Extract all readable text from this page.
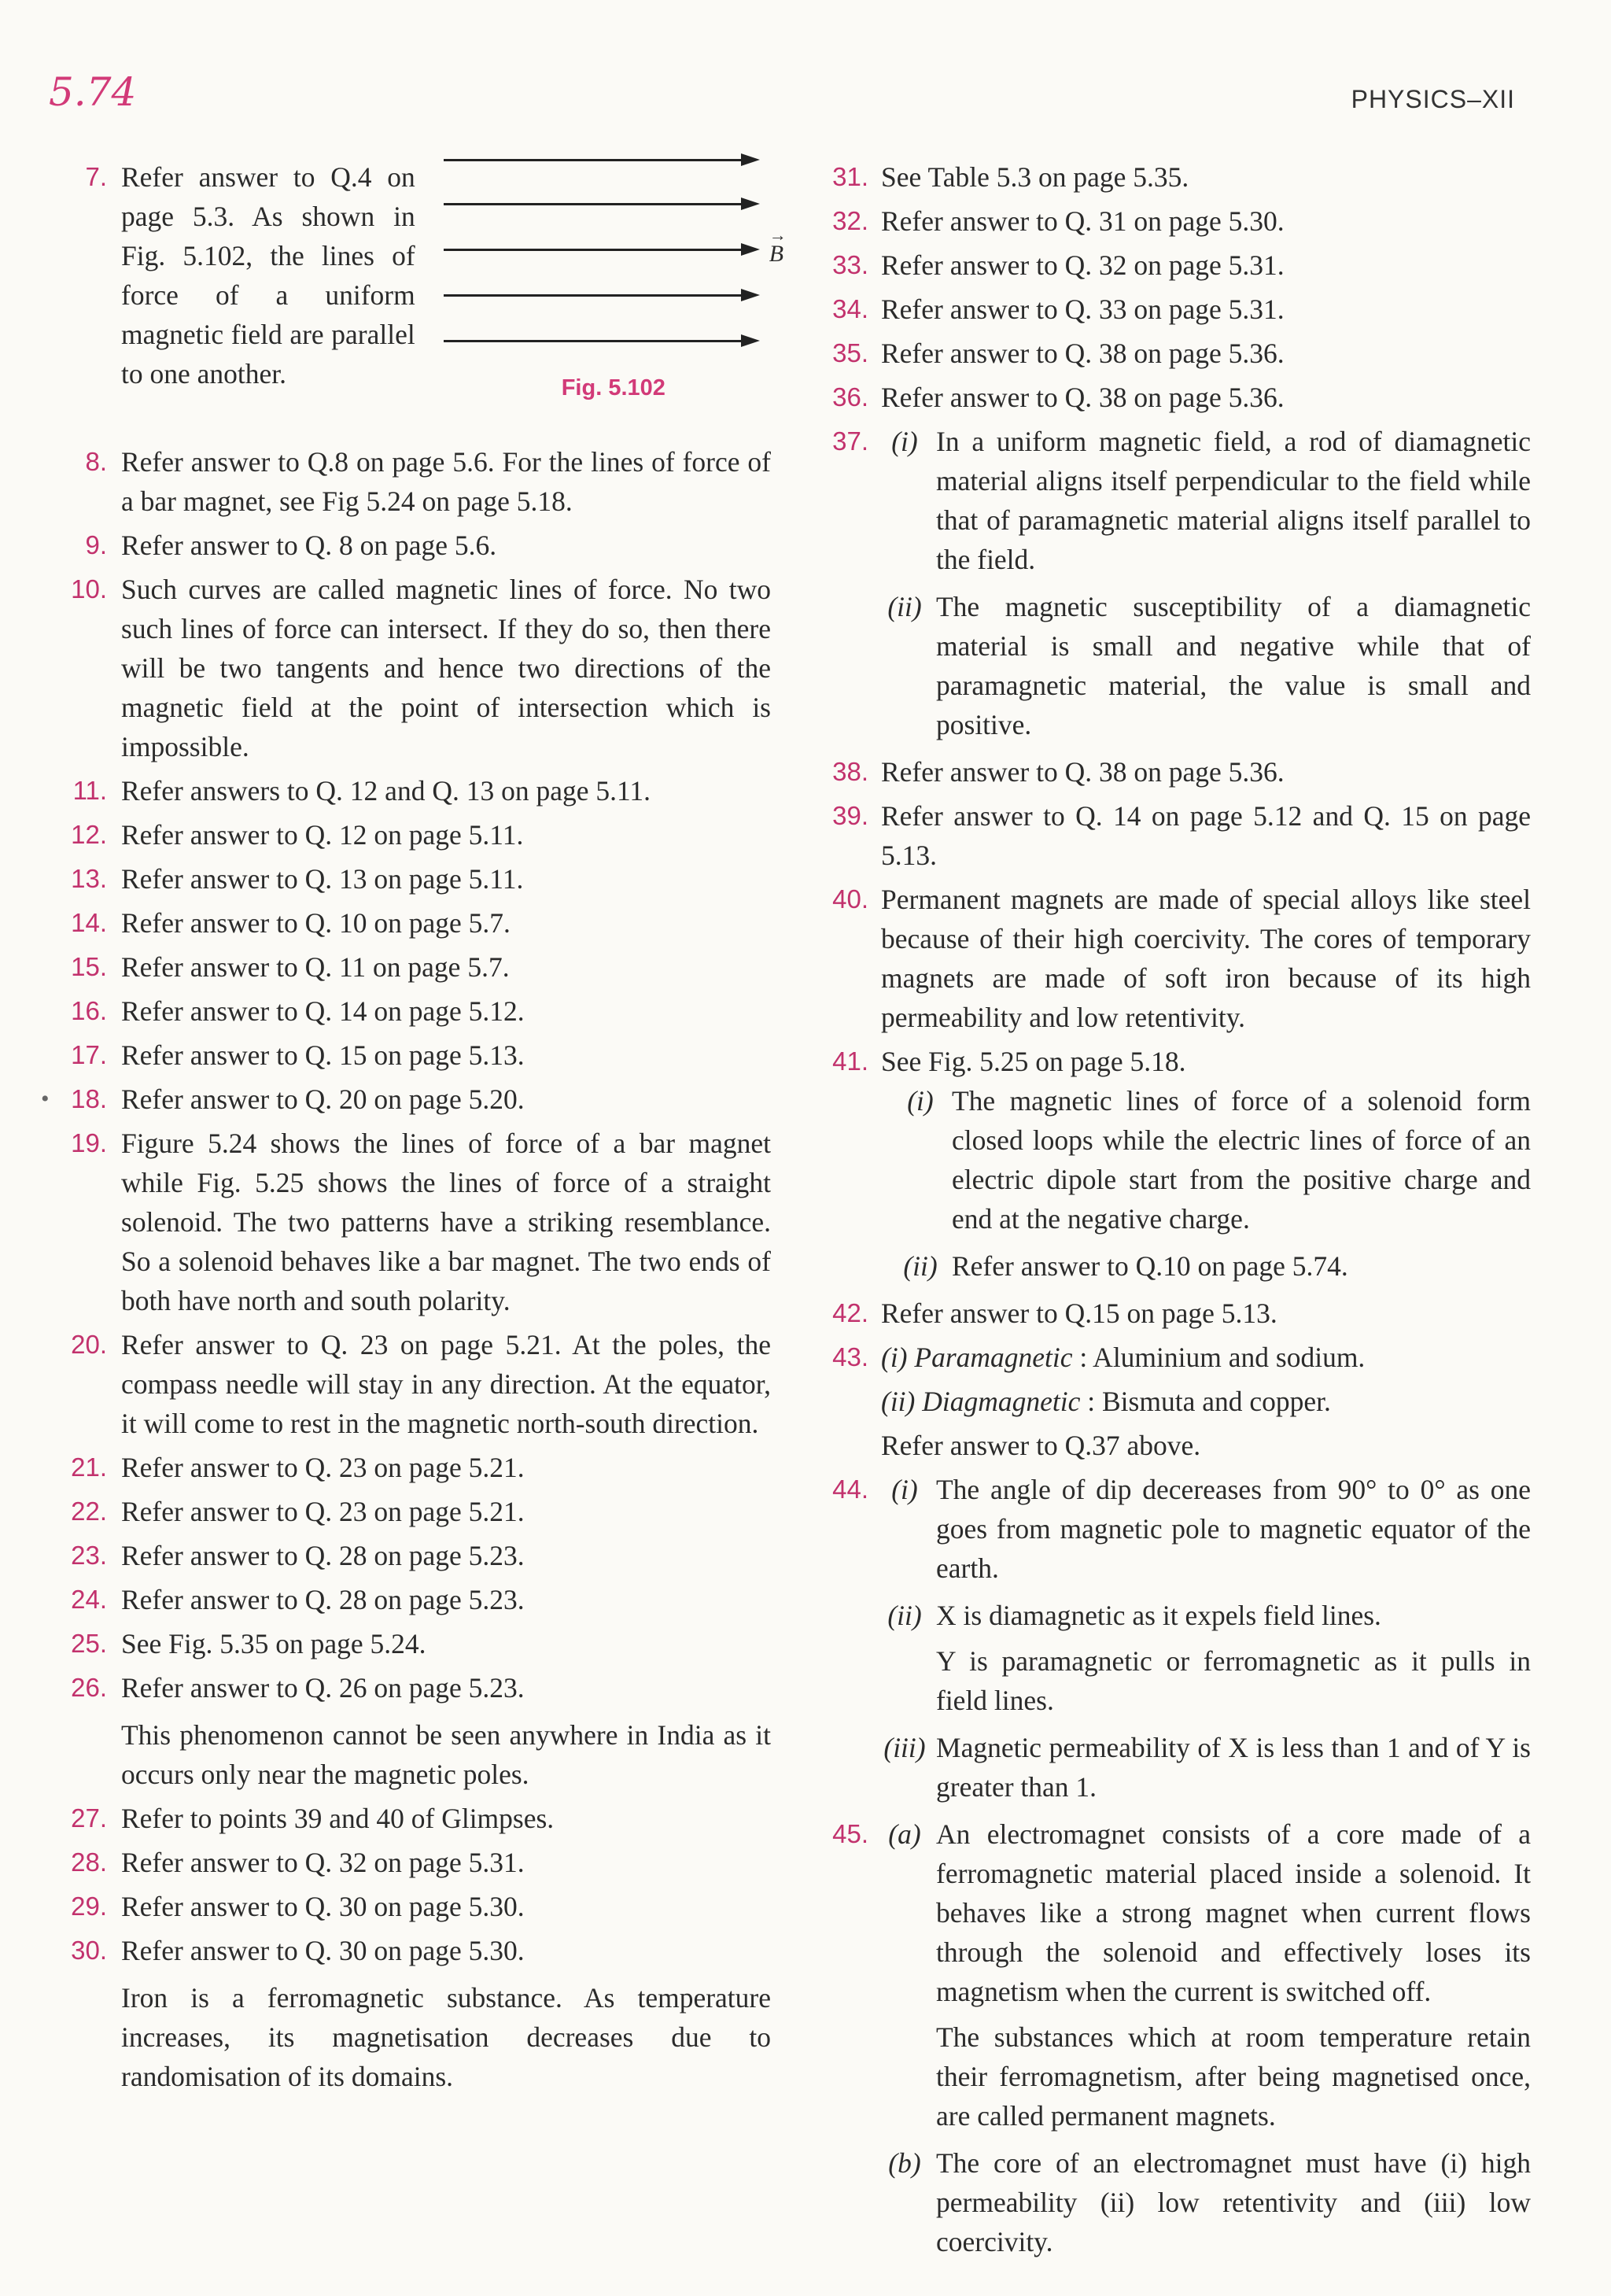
5.74	PHYSICS–XII
7. Refer answer to Q.4 on page 5.3. As shown in Fig. 5.102, the lines of force of a uniform magnetic field are parallel to one another.

→ B
Fig. 5.102
8. Refer answer to Q.8 on page 5.6. For the lines of force of a bar magnet, see Fig 5.24 on page 5.18.

9. Refer answer to Q. 8 on page 5.6.

10. Such curves are called magnetic lines of force. No two such lines of force can intersect. If they do so, then there will be two tangents and hence two directions of the magnetic field at the point of intersection which is impossible.

11. Refer answers to Q. 12 and Q. 13 on page 5.11.

12. Refer answer to Q. 12 on page 5.11.

13. Refer answer to Q. 13 on page 5.11.

14. Refer answer to Q. 10 on page 5.7.

15. Refer answer to Q. 11 on page 5.7.

16. Refer answer to Q. 14 on page 5.12.

17. Refer answer to Q. 15 on page 5.13.

• 18. Refer answer to Q. 20 on page 5.20.

19. Figure 5.24 shows the lines of force of a bar magnet while Fig. 5.25 shows the lines of force of a straight solenoid. The two patterns have a striking resemblance. So a solenoid behaves like a bar magnet. The two ends of both have north and south polarity.

20. Refer answer to Q. 23 on page 5.21. At the poles, the compass needle will stay in any direction. At the equator, it will come to rest in the magnetic north-south direction.

21. Refer answer to Q. 23 on page 5.21.

22. Refer answer to Q. 23 on page 5.21.

23. Refer answer to Q. 28 on page 5.23.

24. Refer answer to Q. 28 on page 5.23.

25. See Fig. 5.35 on page 5.24.

26. Refer answer to Q. 26 on page 5.23.

This phenomenon cannot be seen anywhere in India as it occurs only near the magnetic poles.

27. Refer to points 39 and 40 of Glimpses.

28. Refer answer to Q. 32 on page 5.31.

29. Refer answer to Q. 30 on page 5.30.

30. Refer answer to Q. 30 on page 5.30.

Iron is a ferromagnetic substance. As temperature increases, its magnetisation decreases due to randomisation of its domains.

31. See Table 5.3 on page 5.35.

32. Refer answer to Q. 31 on page 5.30.

33. Refer answer to Q. 32 on page 5.31.

34. Refer answer to Q. 33 on page 5.31.

35. Refer answer to Q. 38 on page 5.36.

36. Refer answer to Q. 38 on page 5.36.

37. (i) In a uniform magnetic field, a rod of diamagnetic material aligns itself perpendicular to the field while that of paramagnetic material aligns itself parallel to the field.

(ii) The magnetic susceptibility of a diamagnetic material is small and negative while that of paramagnetic material, the value is small and positive.

38. Refer answer to Q. 38 on page 5.36.

39. Refer answer to Q. 14 on page 5.12 and Q. 15 on page 5.13.

40. Permanent magnets are made of special alloys like steel because of their high coercivity. The cores of temporary magnets are made of soft iron because of its high permeability and low retentivity.

41. See Fig. 5.25 on page 5.18.

(i) The magnetic lines of force of a solenoid form closed loops while the electric lines of force of an electric dipole start from the positive charge and end at the negative charge.

(ii) Refer answer to Q.10 on page 5.74.

42. Refer answer to Q.15 on page 5.13.

43. (i) Paramagnetic : Aluminium and sodium.

(ii) Diagmagnetic : Bismuta and copper.

Refer answer to Q.37 above.

44. (i) The angle of dip decereases from 90° to 0° as one goes from magnetic pole to magnetic equator of the earth.

(ii) X is diamagnetic as it expels field lines.

Y is paramagnetic or ferromagnetic as it pulls in field lines.

(iii) Magnetic permeability of X is less than 1 and of Y is greater than 1.

45. (a) An electromagnet consists of a core made of a ferromagnetic material placed inside a solenoid. It behaves like a strong magnet when current flows through the solenoid and effectively loses its magnetism when the current is switched off.

The substances which at room temperature retain their ferromagnetism, after being magnetised once, are called permanent magnets.

(b) The core of an electromagnet must have (i) high permeability (ii) low retentivity and (iii) low coercivity.
